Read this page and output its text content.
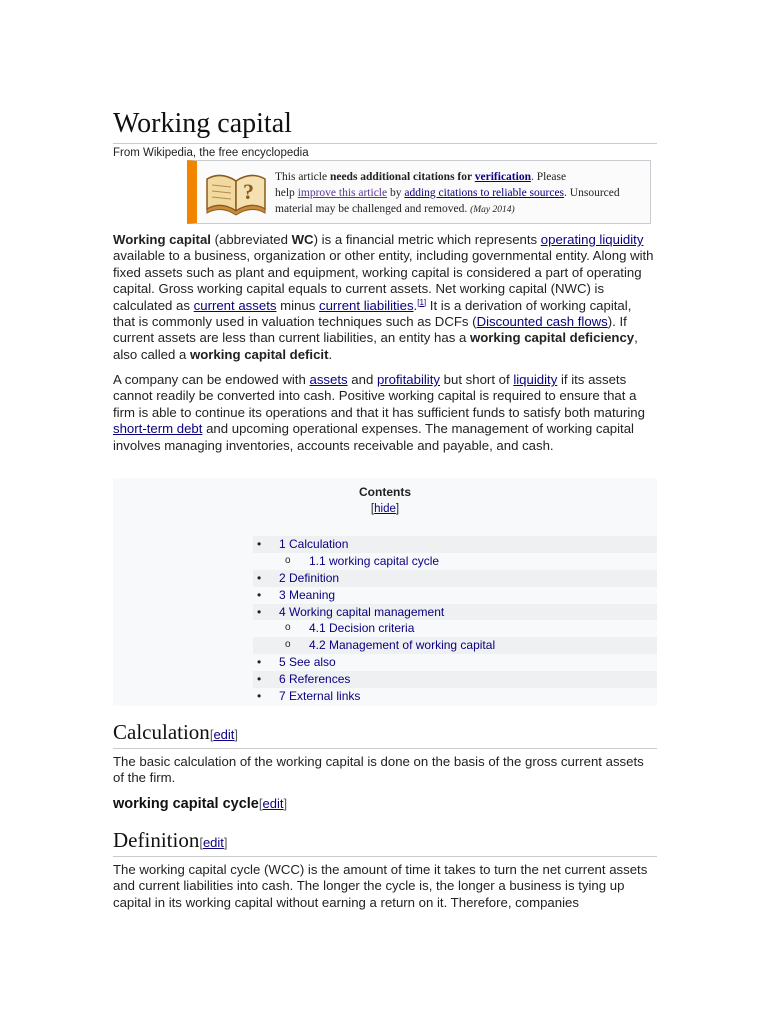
Working capital
From Wikipedia, the free encyclopedia
?
This article needs additional citations for verification. Please
help improve this article by adding citations to reliable sources. Unsourced
material may be challenged and removed. (May 2014)

Working capital (abbreviated WC) is a financial metric which represents operating liquidity available to a business, organization or other entity, including governmental entity. Along with fixed assets such as plant and equipment, working capital is considered a part of operating capital. Gross working capital equals to current assets. Net working capital (NWC) is calculated as current assets minus current liabilities.[1] It is a derivation of working capital, that is commonly used in valuation techniques such as DCFs (Discounted cash flows). If current assets are less than current liabilities, an entity has a working capital deficiency, also called a working capital deficit.

A company can be endowed with assets and profitability but short of liquidity if its assets cannot readily be converted into cash. Positive working capital is required to ensure that a firm is able to continue its operations and that it has sufficient funds to satisfy both maturing short-term debt and upcoming operational expenses. The management of working capital involves managing inventories, accounts receivable and payable, and cash.

Contents
[hide]
• 1 Calculation
o 1.1 working capital cycle
• 2 Definition
• 3 Meaning
• 4 Working capital management
o 4.1 Decision criteria
o 4.2 Management of working capital
• 5 See also
• 6 References
• 7 External links
Calculation[edit]

The basic calculation of the working capital is done on the basis of the gross current assets of the firm.

working capital cycle[edit]
Definition[edit]

The working capital cycle (WCC) is the amount of time it takes to turn the net current assets and current liabilities into cash. The longer the cycle is, the longer a business is tying up capital in its working capital without earning a return on it. Therefore, companies
